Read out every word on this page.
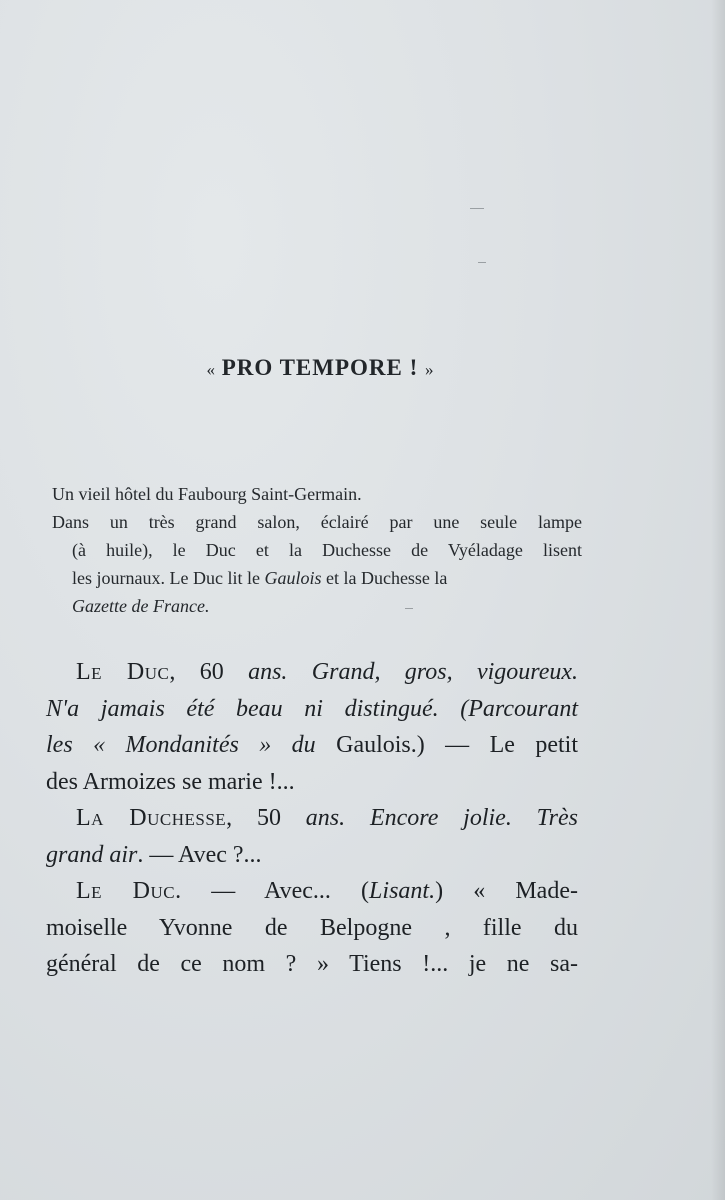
« PRO TEMPORE ! »
Un vieil hôtel du Faubourg Saint-Germain.
Dans un très grand salon, éclairé par une seule lampe
(à huile), le Duc et la Duchesse de Vyéladage lisent
les journaux. Le Duc lit le Gaulois et la Duchesse la
Gazette de France.
Le Duc, 60 ans. Grand, gros, vigoureux.
N'a jamais été beau ni distingué. (Parcourant
les « Mondanités » du Gaulois.) — Le petit
des Armoizes se marie !...
La Duchesse, 50 ans. Encore jolie. Très
grand air. — Avec ?...
Le Duc. — Avec... (Lisant.) « Made-
moiselle Yvonne de Belpogne , fille du
général de ce nom ? » Tiens !... je ne sa-
